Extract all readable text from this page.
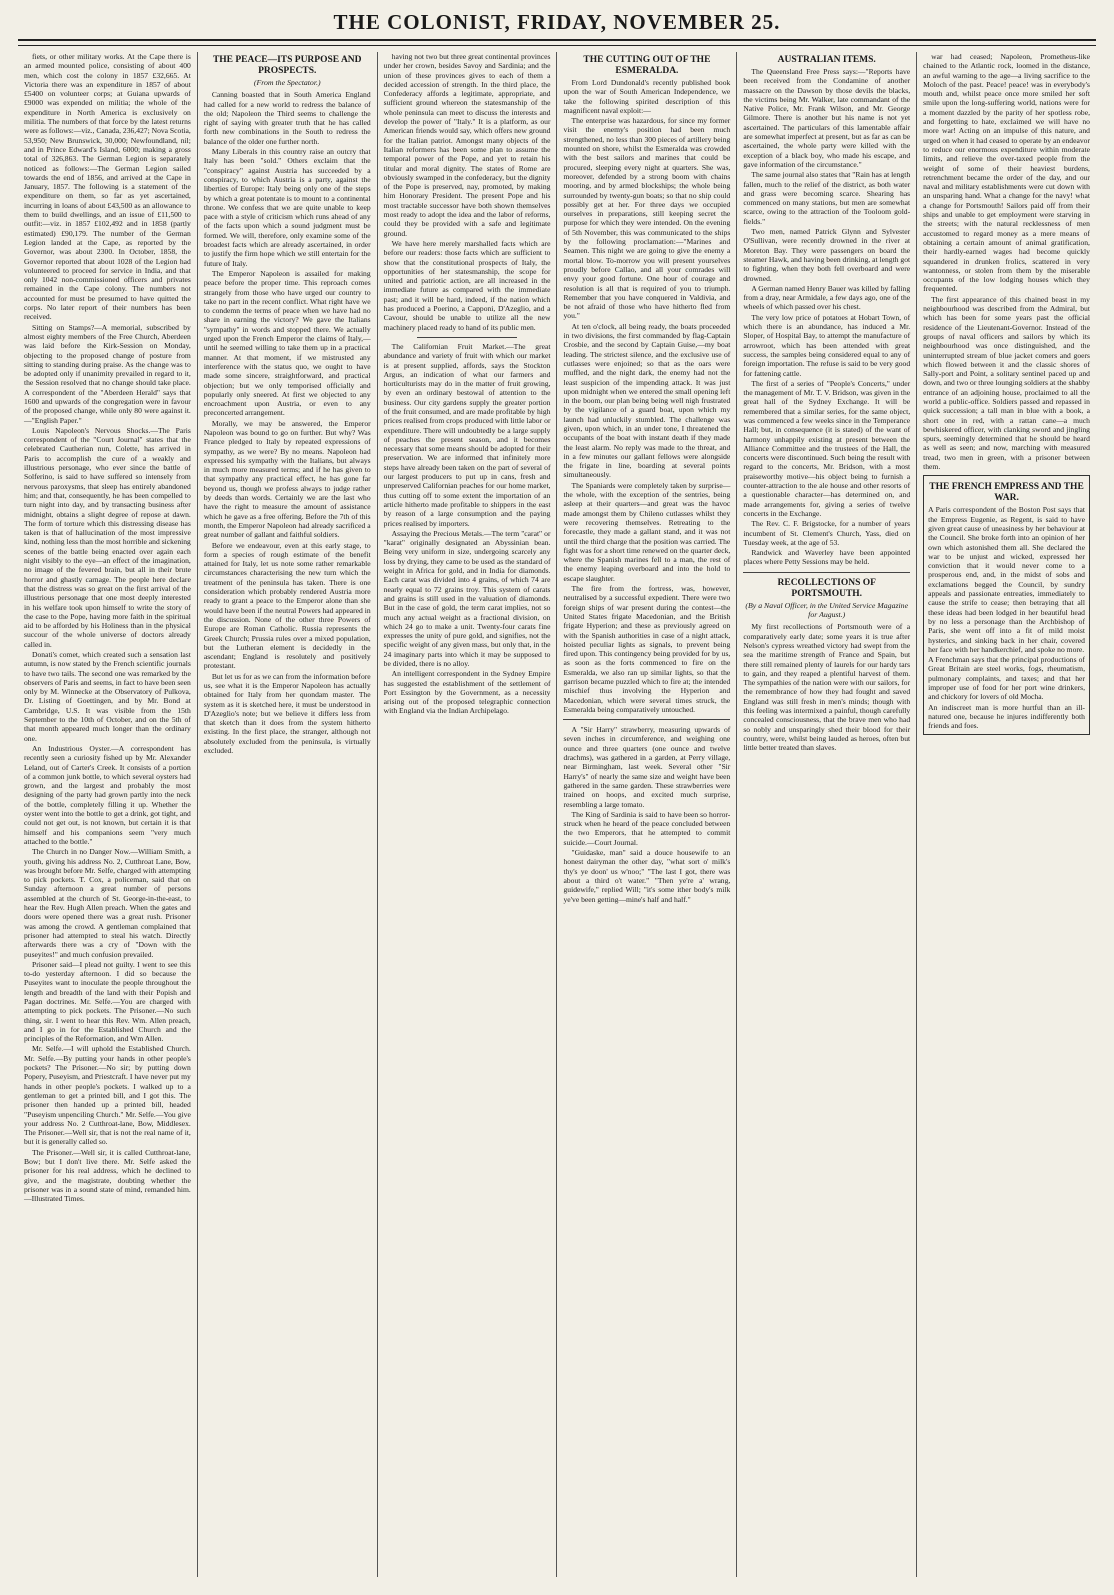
THE COLONIST, FRIDAY, NOVEMBER 25.

fiets, or other military works. At the Cape there is an armed mounted police, consisting of about 400 men, which cost the colony in 1857 £32,665. At Victoria there was an expenditure in 1857 of about £5400 on volunteer corps; at Guiana upwards of £9000 was expended on militia; the whole of the expenditure in North America is exclusively on militia. The numbers of that force by the latest returns were as follows:—viz., Canada, 236,427; Nova Scotia, 53,950; New Brunswick, 30,000; Newfoundland, nil; and in Prince Edward's Island, 6000; making a gross total of 326,863. The German Legion is separately noticed as follows:—The German Legion sailed towards the end of 1856, and arrived at the Cape in January, 1857. The following is a statement of the expenditure on them, so far as yet ascertained, incurring in loans of about £43,500 as an allowance to them to build dwellings, and an issue of £11,500 to outfit:—viz. in 1857 £102,492 and in 1858 (partly estimated) £90,179. The number of the German Legion landed at the Cape, as reported by the Governor, was about 2300. In October, 1858, the Governor reported that about 1028 of the Legion had volunteered to proceed for service in India, and that only 1042 non-commissioned officers and privates remained in the Cape colony. The numbers not accounted for must be presumed to have quitted the corps. No later report of their numbers has been received.

Sitting on Stamps?—A memorial, subscribed by almost eighty members of the Free Church, Aberdeen was laid before the Kirk-Session on Monday, objecting to the proposed change of posture from sitting to standing during praise. As the change was to be adopted only if unanimity prevailed in regard to it, the Session resolved that no change should take place. A correspondent of the "Aberdeen Herald" says that 1600 and upwards of the congregation were in favour of the proposed change, while only 80 were against it.—"English Paper."

Louis Napoleon's Nervous Shocks.—The Paris correspondent of the "Court Journal" states that the celebrated Cautherian nun, Colette, has arrived in Paris to accomplish the cure of a weakly and illustrious personage, who ever since the battle of Solferino, is said to have suffered so intensely from nervous paroxysms, that sleep has entirely abandoned him; and that, consequently, he has been compelled to turn night into day, and by transacting business after midnight, obtains a slight degree of repose at dawn. The form of torture which this distressing disease has taken is that of hallucination of the most impressive kind, nothing less than the most horrible and sickening scenes of the battle being enacted over again each night visibly to the eye—an effect of the imagination, no image of the fevered brain, but all in their brute horror and ghastly carnage. The people here declare that the distress was so great on the first arrival of the illustrious personage that one most deeply interested in his welfare took upon himself to write the story of the case to the Pope, having more faith in the spiritual aid to be afforded by his Holiness than in the physical succour of the whole universe of doctors already called in.

Donati's comet, which created such a sensation last autumn, is now stated by the French scientific journals to have two tails. The second one was remarked by the observers of Paris and seems, in fact to have been seen only by M. Winnecke at the Observatory of Pulkova, Dr. Listing of Goettingen, and by Mr. Bond at Cambridge, U.S. It was visible from the 15th September to the 10th of October, and on the 5th of that month appeared much longer than the ordinary one.

An Industrious Oyster.—A correspondent has recently seen a curiosity fished up by Mr. Alexander Leland, out of Carter's Creek. It consists of a portion of a common junk bottle, to which several oysters had grown, and the largest and probably the most designing of the party had grown partly into the neck of the bottle, completely filling it up. Whether the oyster went into the bottle to get a drink, got tight, and could not get out, is not known, but certain it is that himself and his companions seem "very much attached to the bottle."

The Church in no Danger Now.—William Smith, a youth, giving his address No. 2, Cutthroat Lane, Bow, was brought before Mr. Selfe, charged with attempting to pick pockets. T. Cox, a policeman, said that on Sunday afternoon a great number of persons assembled at the church of St. George-in-the-east, to hear the Rev. Hugh Allen preach. When the gates and doors were opened there was a great rush. Prisoner was among the crowd. A gentleman complained that prisoner had attempted to steal his watch. Directly afterwards there was a cry of "Down with the puseyites!" and much confusion prevailed.

Prisoner said—I plead not guilty. I went to see this to-do yesterday afternoon. I did so because the Puseyites want to inoculate the people throughout the length and breadth of the land with their Popish and Pagan doctrines. Mr. Selfe.—You are charged with attempting to pick pockets. The Prisoner.—No such thing, sir. I went to hear this Rev. Wm. Allen preach, and I go in for the Established Church and the principles of the Reformation, and Wm Allen.

Mr. Selfe.—I will uphold the Established Church. Mr. Selfe.—By putting your hands in other people's pockets? The Prisoner.—No sir; by putting down Popery, Puseyism, and Priestcraft. I have never put my hands in other people's pockets. I walked up to a gentleman to get a printed bill, and I got this. The prisoner then handed up a printed bill, headed "Puseyism unpenciling Church." Mr. Selfe.—You give your address No. 2 Cutthroat-lane, Bow, Middlesex. The Prisoner.—Well sir, that is not the real name of it, but it is generally called so.

The Prisoner.—Well sir, it is called Cutthroat-lane, Bow; but I don't live there. Mr. Selfe asked the prisoner for his real address, which he declined to give, and the magistrate, doubting whether the prisoner was in a sound state of mind, remanded him.—Illustrated Times.

THE PEACE—ITS PURPOSE AND PROSPECTS.
(From the Spectator.)

Canning boasted that in South America England had called for a new world to redress the balance of the old; Napoleon the Third seems to challenge the right of saying with greater truth that he has called forth new combinations in the South to redress the balance of the older one further north.

Many Liberals in this country raise an outcry that Italy has been "sold." Others exclaim that the "conspiracy" against Austria has succeeded by a conspiracy, to which Austria is a party, against the liberties of Europe: Italy being only one of the steps by which a great potentate is to mount to a continental throne. We confess that we are quite unable to keep pace with a style of criticism which runs ahead of any of the facts upon which a sound judgment must be formed. We will, therefore, only examine some of the broadest facts which are already ascertained, in order to justify the firm hope which we still entertain for the future of Italy.

The Emperor Napoleon is assailed for making peace before the proper time. This reproach comes strangely from those who have urged our country to take no part in the recent conflict. What right have we to condemn the terms of peace when we have had no share in earning the victory? We gave the Italians "sympathy" in words and stopped there. We actually urged upon the French Emperor the claims of Italy,—until he seemed willing to take them up in a practical manner. At that moment, if we mistrusted any interference with the status quo, we ought to have made some sincere, straightforward, and practical objection; but we only temporised officially and popularly only sneered. At first we objected to any encroachment upon Austria, or even to any preconcerted arrangement.

Morally, we may be answered, the Emperor Napoleon was bound to go on further. But why? Was France pledged to Italy by repeated expressions of sympathy, as we were? By no means. Napoleon had expressed his sympathy with the Italians, but always in much more measured terms; and if he has given to that sympathy any practical effect, he has gone far beyond us, though we profess always to judge rather by deeds than words. Certainly we are the last who have the right to measure the amount of assistance which he gave as a free offering. Before the 7th of this month, the Emperor Napoleon had already sacrificed a great number of gallant and faithful soldiers.

Before we endeavour, even at this early stage, to form a species of rough estimate of the benefit attained for Italy, let us note some rather remarkable circumstances characterising the new turn which the treatment of the peninsula has taken. There is one consideration which probably rendered Austria more ready to grant a peace to the Emperor alone than she would have been if the neutral Powers had appeared in the discussion. None of the other three Powers of Europe are Roman Catholic. Russia represents the Greek Church; Prussia rules over a mixed population, but the Lutheran element is decidedly in the ascendant; England is resolutely and positively protestant.

But let us for as we can from the information before us, see what it is the Emperor Napoleon has actually obtained for Italy from her quondam master. The system as it is sketched here, it must be understood in D'Azeglio's note; but we believe it differs less from that sketch than it does from the system hitherto existing. In the first place, the stranger, although not absolutely excluded from the peninsula, is virtually excluded.

having not two but three great continental provinces under her crown, besides Savoy and Sardinia; and the union of these provinces gives to each of them a decided accession of strength. In the third place, the Confederacy affords a legitimate, appropriate, and sufficient ground whereon the statesmanship of the whole peninsula can meet to discuss the interests and develop the power of "Italy." It is a platform, as our American friends would say, which offers new ground for the Italian patriot. Amongst many objects of the Italian reformers has been some plan to assume the temporal power of the Pope, and yet to retain his titular and moral dignity. The states of Rome are obviously swamped in the confederacy, but the dignity of the Pope is preserved, nay, promoted, by making him Honorary President. The present Pope and his most tractable successor have both shown themselves most ready to adopt the idea and the labor of reforms, could they be provided with a safe and legitimate ground.

We have here merely marshalled facts which are before our readers: those facts which are sufficient to show that the constitutional prospects of Italy, the opportunities of her statesmanship, the scope for united and patriotic action, are all increased in the immediate future as compared with the immediate past; and it will be hard, indeed, if the nation which has produced a Poerino, a Capponi, D'Azeglio, and a Cavour, should be unable to utilize all the new machinery placed ready to hand of its public men.

The Californian Fruit Market.—The great abundance and variety of fruit with which our market is at present supplied, affords, says the Stockton Argus, an indication of what our farmers and horticulturists may do in the matter of fruit growing, by even an ordinary bestowal of attention to the business. Our city gardens supply the greater portion of the fruit consumed, and are made profitable by high prices realised from crops produced with little labor or expenditure. There will undoubtedly be a large supply of peaches the present season, and it becomes necessary that some means should be adopted for their preservation. We are informed that infinitely more steps have already been taken on the part of several of our largest producers to put up in cans, fresh and unpreserved Californian peaches for our home market, thus cutting off to some extent the importation of an article hitherto made profitable to shippers in the east by reason of a large consumption and the paying prices realised by importers.

Assaying the Precious Metals.—The term "carat" or "karat" originally designated an Abyssinian bean. Being very uniform in size, undergoing scarcely any loss by drying, they came to be used as the standard of weight in Africa for gold, and in India for diamonds. Each carat was divided into 4 grains, of which 74 are nearly equal to 72 grains troy. This system of carats and grains is still used in the valuation of diamonds. But in the case of gold, the term carat implies, not so much any actual weight as a fractional division, on which 24 go to make a unit. Twenty-four carats fine expresses the unity of pure gold, and signifies, not the specific weight of any given mass, but only that, in the 24 imaginary parts into which it may be supposed to be divided, there is no alloy.

An intelligent correspondent in the Sydney Empire has suggested the establishment of the settlement of Port Essington by the Government, as a necessity arising out of the proposed telegraphic connection with England via the Indian Archipelago.

THE CUTTING OUT OF THE ESMERALDA.

From Lord Dundonald's recently published book upon the war of South American Independence, we take the following spirited description of this magnificent naval exploit:—

The enterprise was hazardous, for since my former visit the enemy's position had been much strengthened, no less than 300 pieces of artillery being mounted on shore, whilst the Esmeralda was crowded with the best sailors and marines that could be procured, sleeping every night at quarters. She was, moreover, defended by a strong boom with chains mooring, and by armed blockships; the whole being surrounded by twenty-gun boats; so that no ship could possibly get at her. For three days we occupied ourselves in preparations, still keeping secret the purpose for which they were intended. On the evening of 5th November, this was communicated to the ships by the following proclamation:—"Marines and Seamen. This night we are going to give the enemy a mortal blow. To-morrow you will present yourselves proudly before Callao, and all your comrades will envy your good fortune. One hour of courage and resolution is all that is required of you to triumph. Remember that you have conquered in Valdivia, and be not afraid of those who have hitherto fled from you."

At ten o'clock, all being ready, the boats proceeded in two divisions, the first commanded by flag-Captain Crosbie, and the second by Captain Guise,—my boat leading. The strictest silence, and the exclusive use of cutlasses were enjoined; so that as the oars were muffled, and the night dark, the enemy had not the least suspicion of the impending attack. It was just upon midnight when we entered the small opening left in the boom, our plan being being well nigh frustrated by the vigilance of a guard boat, upon which my launch had unluckily stumbled. The challenge was given, upon which, in an under tone, I threatened the occupants of the boat with instant death if they made the least alarm. No reply was made to the threat, and in a few minutes our gallant fellows were alongside the frigate in line, boarding at several points simultaneously.

The Spaniards were completely taken by surprise—the whole, with the exception of the sentries, being asleep at their quarters—and great was the havoc made amongst them by Chileno cutlasses whilst they were recovering themselves. Retreating to the forecastle, they made a gallant stand, and it was not until the third charge that the position was carried. The fight was for a short time renewed on the quarter deck, where the Spanish marines fell to a man, the rest of the enemy leaping overboard and into the hold to escape slaughter.

The fire from the fortress, was, however, neutralised by a successful expedient. There were two foreign ships of war present during the contest—the United States frigate Macedonian, and the British frigate Hyperion; and these as previously agreed on with the Spanish authorities in case of a night attack, hoisted peculiar lights as signals, to prevent being fired upon. This contingency being provided for by us, as soon as the forts commenced to fire on the Esmeralda, we also ran up similar lights, so that the garrison became puzzled which to fire at; the intended mischief thus involving the Hyperion and Macedonian, which were several times struck, the Esmeralda being comparatively untouched.

A "Sir Harry" strawberry, measuring upwards of seven inches in circumference, and weighing one ounce and three quarters (one ounce and twelve drachms), was gathered in a garden, at Perry village, near Birmingham, last week. Several other "Sir Harry's" of nearly the same size and weight have been gathered in the same garden. These strawberries were trained on hoops, and excited much surprise, resembling a large tomato.

The King of Sardinia is said to have been so horror-struck when he heard of the peace concluded between the two Emperors, that he attempted to commit suicide.—Court Journal.

"Guidaske, man" said a douce housewife to an honest dairyman the other day, "what sort o' milk's thy's ye doon' us w'noo;" "The last I got, there was about a third o't water." "Then ye're a' wrang, guidewife," replied Will; "it's some ither body's milk ye've been getting—mine's half and half."

AUSTRALIAN ITEMS.

The Queensland Free Press says:—"Reports have been received from the Condamine of another massacre on the Dawson by those devils the blacks, the victims being Mr. Walker, late commandant of the Native Police, Mr. Frank Wilson, and Mr. George Gilmore. There is another but his name is not yet ascertained. The particulars of this lamentable affair are somewhat imperfect at present, but as far as can be ascertained, the whole party were killed with the exception of a black boy, who made his escape, and gave information of the circumstance."

The same journal also states that "Rain has at length fallen, much to the relief of the district, as both water and grass were becoming scarce. Shearing has commenced on many stations, but men are somewhat scarce, owing to the attraction of the Tooloom gold-fields."

Two men, named Patrick Glynn and Sylvester O'Sullivan, were recently drowned in the river at Moreton Bay. They were passengers on board the steamer Hawk, and having been drinking, at length got to fighting, when they both fell overboard and were drowned.

A German named Henry Bauer was killed by falling from a dray, near Armidale, a few days ago, one of the wheels of which passed over his chest.

The very low price of potatoes at Hobart Town, of which there is an abundance, has induced a Mr. Sloper, of Hospital Bay, to attempt the manufacture of arrowroot, which has been attended with great success, the samples being considered equal to any of foreign importation. The refuse is said to be very good for fattening cattle.

The first of a series of "People's Concerts," under the management of Mr. T. V. Bridson, was given in the great hall of the Sydney Exchange. It will be remembered that a similar series, for the same object, was commenced a few weeks since in the Temperance Hall; but, in consequence (it is stated) of the want of harmony unhappily existing at present between the Alliance Committee and the trustees of the Hall, the concerts were discontinued. Such being the result with regard to the concerts, Mr. Bridson, with a most praiseworthy motive—his object being to furnish a counter-attraction to the ale house and other resorts of a questionable character—has determined on, and made arrangements for, giving a series of twelve concerts in the Exchange.

The Rev. C. F. Brigstocke, for a number of years incumbent of St. Clement's Church, Yass, died on Tuesday week, at the age of 53.

Randwick and Waverley have been appointed places where Petty Sessions may be held.

RECOLLECTIONS OF PORTSMOUTH.
(By a Naval Officer, in the United Service Magazine for August.)

My first recollections of Portsmouth were of a comparatively early date; some years it is true after Nelson's cypress wreathed victory had swept from the sea the maritime strength of France and Spain, but there still remained plenty of laurels for our hardy tars to gain, and they reaped a plentiful harvest of them. The sympathies of the nation were with our sailors, for the remembrance of how they had fought and saved England was still fresh in men's minds; though with this feeling was intermixed a painful, though carefully concealed consciousness, that the brave men who had so nobly and unsparingly shed their blood for their country, were, whilst being lauded as heroes, often but little better treated than slaves.

war had ceased; Napoleon, Prometheus-like chained to the Atlantic rock, loomed in the distance, an awful warning to the age—a living sacrifice to the Moloch of the past. Peace! peace! was in everybody's mouth and, whilst peace once more smiled her soft smile upon the long-suffering world, nations were for a moment dazzled by the parity of her spotless robe, and forgetting to hate, exclaimed we will have no more war! Acting on an impulse of this nature, and urged on when it had ceased to operate by an endeavor to reduce our enormous expenditure within moderate limits, and relieve the over-taxed people from the weight of some of their heaviest burdens, retrenchment became the order of the day, and our naval and military establishments were cut down with an unsparing hand. What a change for the navy! what a change for Portsmouth! Sailors paid off from their ships and unable to get employment were starving in the streets; with the natural recklessness of men accustomed to regard money as a mere means of obtaining a certain amount of animal gratification, their hardly-earned wages had become quickly squandered in drunken frolics, scattered in very wantonness, or stolen from them by the miserable occupants of the low lodging houses which they frequented.

The first appearance of this chained beast in my neighbourhood was described from the Admiral, but which has been for some years past the official residence of the Lieutenant-Governor. Instead of the groups of naval officers and sailors by which its neighbourhood was once distinguished, and the uninterrupted stream of blue jacket comers and goers which flowed between it and the classic shores of Sally-port and Point, a solitary sentinel paced up and down, and two or three lounging soldiers at the shabby entrance of an adjoining house, proclaimed to all the world a public-office. Soldiers passed and repassed in quick succession; a tall man in blue with a book, a short one in red, with a rattan cane—a much bewhiskered officer, with clanking sword and jingling spurs, seemingly determined that he should be heard as well as seen; and now, marching with measured tread, two men in green, with a prisoner between them.

THE FRENCH EMPRESS AND THE WAR.

A Paris correspondent of the Boston Post says that the Empress Eugenie, as Regent, is said to have given great cause of uneasiness by her behaviour at the Council. She broke forth into an opinion of her own which astonished them all. She declared the war to be unjust and wicked, expressed her conviction that it would never come to a prosperous end, and, in the midst of sobs and exclamations begged the Council, by sundry appeals and passionate entreaties, immediately to cause the strife to cease; then betraying that all these ideas had been lodged in her beautiful head by no less a personage than the Archbishop of Paris, she went off into a fit of mild moist hysterics, and sinking back in her chair, covered her face with her handkerchief, and spoke no more.

A Frenchman says that the principal productions of Great Britain are steel works, fogs, rheumatism, pulmonary complaints, and taxes; and that her improper use of food for her port wine drinkers, and chickory for lovers of old Mocha.

An indiscreet man is more hurtful than an ill-natured one, because he injures indifferently both friends and foes.
